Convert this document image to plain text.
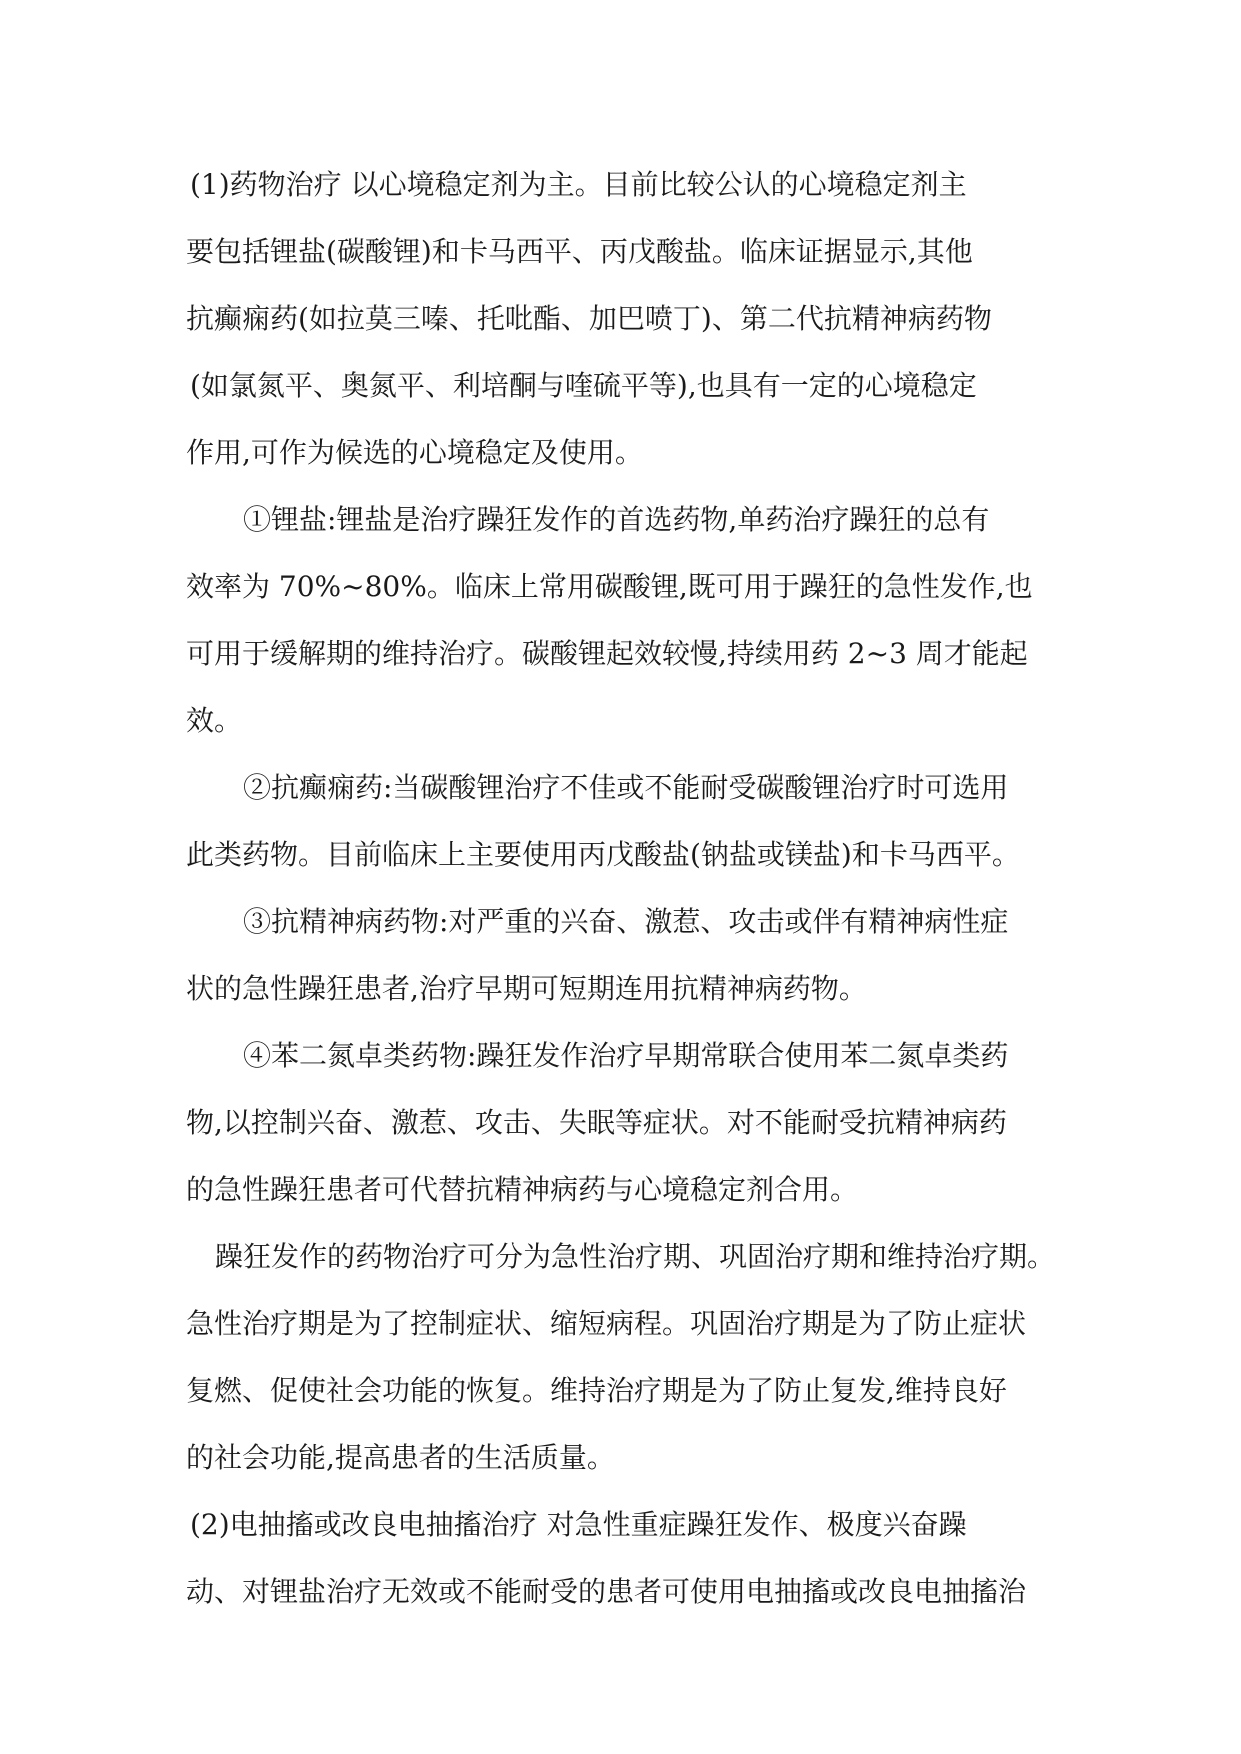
(1)药物治疗 以心境稳定剂为主。目前比较公认的心境稳定剂主
要包括锂盐(碳酸锂)和卡马西平、丙戊酸盐。临床证据显示,其他
抗癫痫药(如拉莫三嗪、托吡酯、加巴喷丁)、第二代抗精神病药物
(如氯氮平、奥氮平、利培酮与喹硫平等),也具有一定的心境稳定
作用,可作为候选的心境稳定及使用。
①锂盐:锂盐是治疗躁狂发作的首选药物,单药治疗躁狂的总有
效率为 70%~80%。临床上常用碳酸锂,既可用于躁狂的急性发作,也
可用于缓解期的维持治疗。碳酸锂起效较慢,持续用药 2~3 周才能起
效。
②抗癫痫药:当碳酸锂治疗不佳或不能耐受碳酸锂治疗时可选用
此类药物。目前临床上主要使用丙戊酸盐(钠盐或镁盐)和卡马西平。
③抗精神病药物:对严重的兴奋、激惹、攻击或伴有精神病性症
状的急性躁狂患者,治疗早期可短期连用抗精神病药物。
④苯二氮卓类药物:躁狂发作治疗早期常联合使用苯二氮卓类药
物,以控制兴奋、激惹、攻击、失眠等症状。对不能耐受抗精神病药
的急性躁狂患者可代替抗精神病药与心境稳定剂合用。
躁狂发作的药物治疗可分为急性治疗期、巩固治疗期和维持治疗期。
急性治疗期是为了控制症状、缩短病程。巩固治疗期是为了防止症状
复燃、促使社会功能的恢复。维持治疗期是为了防止复发,维持良好
的社会功能,提高患者的生活质量。
(2)电抽搐或改良电抽搐治疗 对急性重症躁狂发作、极度兴奋躁
动、对锂盐治疗无效或不能耐受的患者可使用电抽搐或改良电抽搐治
